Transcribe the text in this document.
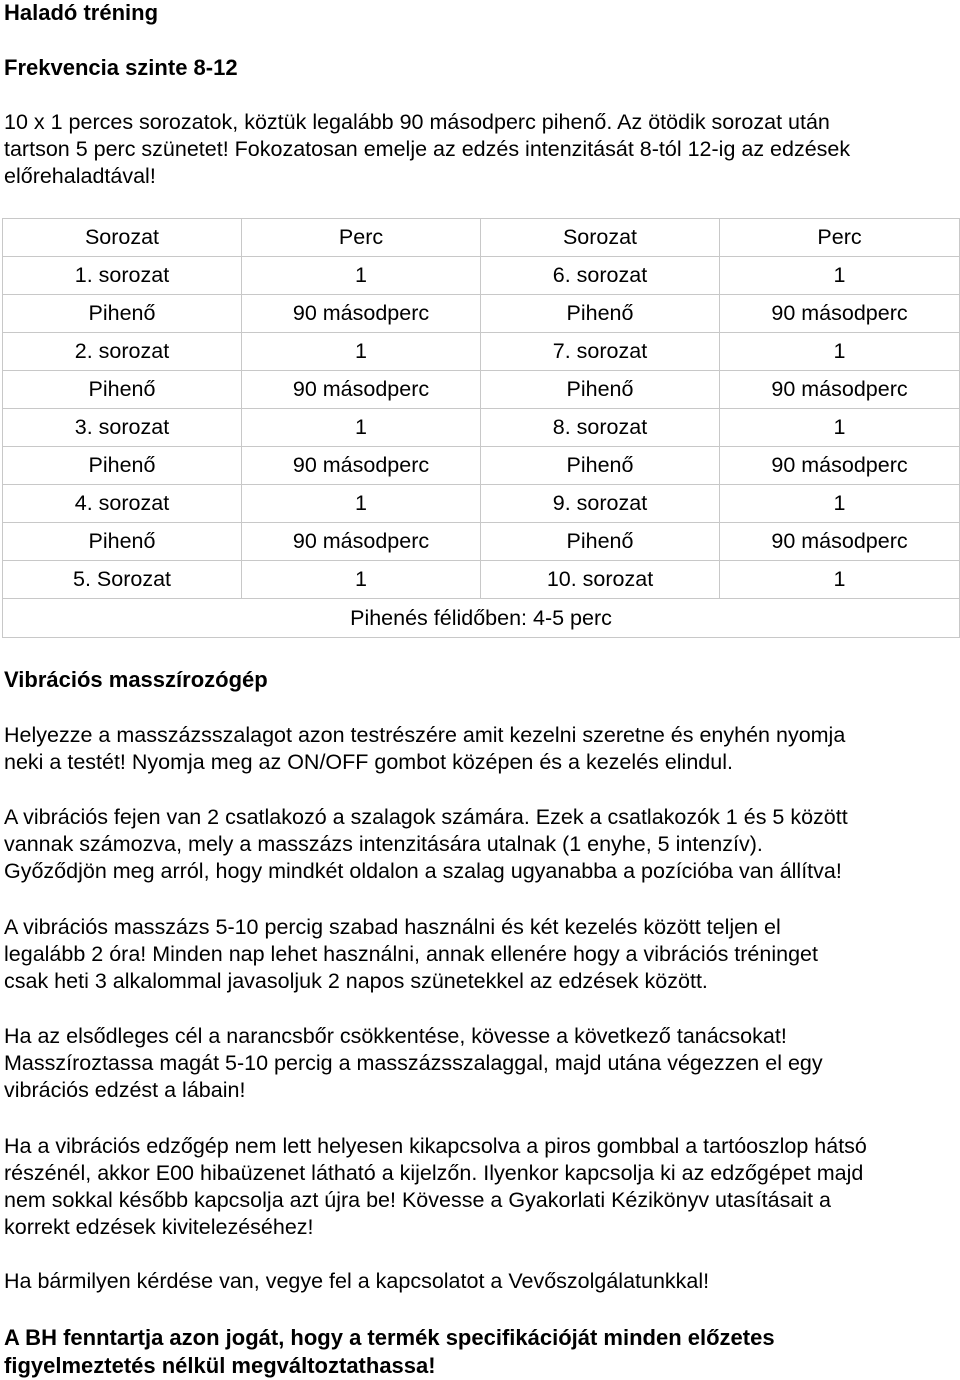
Haladó tréning
Frekvencia szinte 8-12

10 x 1 perces sorozatok, köztük legalább 90 másodperc pihenő. Az ötödik sorozat után
tartson 5 perc szünetet! Fokozatosan emelje az edzés intenzitását 8-tól 12-ig az edzések
előrehaladtával!

Sorozat	Perc	Sorozat	Perc
1. sorozat	1	6. sorozat	1
Pihenő	90 másodperc	Pihenő	90 másodperc
2. sorozat	1	7. sorozat	1
Pihenő	90 másodperc	Pihenő	90 másodperc
3. sorozat	1	8. sorozat	1
Pihenő	90 másodperc	Pihenő	90 másodperc
4. sorozat	1	9. sorozat	1
Pihenő	90 másodperc	Pihenő	90 másodperc
5. Sorozat	1	10. sorozat	1
Pihenés félidőben: 4-5 perc			
Vibrációs masszírozógép

Helyezze a masszázsszalagot azon testrészére amit kezelni szeretne és enyhén nyomja
neki a testét! Nyomja meg az ON/OFF gombot középen és a kezelés elindul.

A vibrációs fejen van 2 csatlakozó a szalagok számára. Ezek a csatlakozók 1 és 5 között
vannak számozva, mely a masszázs intenzitására utalnak (1 enyhe, 5 intenzív).
Győződjön meg arról, hogy mindkét oldalon a szalag ugyanabba a pozícióba van állítva!

A vibrációs masszázs 5-10 percig szabad használni és két kezelés között teljen el
legalább 2 óra! Minden nap lehet használni, annak ellenére hogy a vibrációs tréninget
csak heti 3 alkalommal javasoljuk 2 napos szünetekkel az edzések között.

Ha az elsődleges cél a narancsbőr csökkentése, kövesse a következő tanácsokat!
Masszíroztassa magát 5-10 percig a masszázsszalaggal, majd utána végezzen el egy
vibrációs edzést a lábain!

Ha a vibrációs edzőgép nem lett helyesen kikapcsolva a piros gombbal a tartóoszlop hátsó
részénél, akkor E00 hibaüzenet látható a kijelzőn. Ilyenkor kapcsolja ki az edzőgépet majd
nem sokkal később kapcsolja azt újra be! Kövesse a Gyakorlati Kézikönyv utasításait a
korrekt edzések kivitelezéséhez!

Ha bármilyen kérdése van, vegye fel a kapcsolatot a Vevőszolgálatunkkal!

A BH fenntartja azon jogát, hogy a termék specifikációját minden előzetes
figyelmeztetés nélkül megváltoztathassa!
